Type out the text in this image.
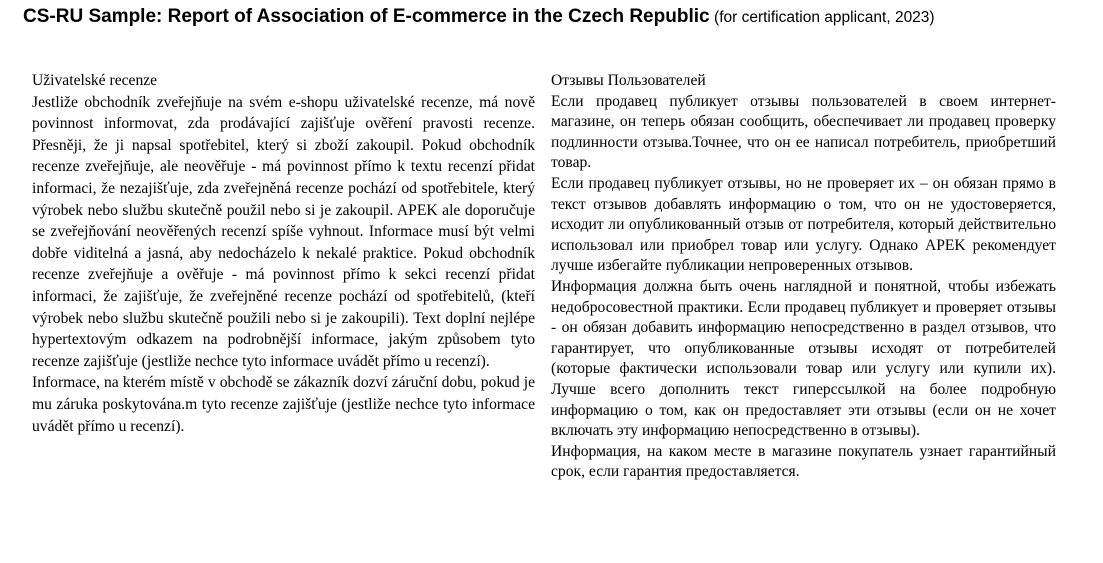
CS-RU Sample: Report of Association of E-commerce in the Czech Republic (for certification applicant, 2023)

Uživatelské recenze

Jestliže obchodník zveřejňuje na svém e-shopu uživatelské recenze, má nově povinnost informovat, zda prodávající zajišťuje ověření pravosti recenze. Přesněji, že ji napsal spotřebitel, který si zboží zakoupil. Pokud obchodník recenze zveřejňuje, ale neověřuje - má povinnost přímo k textu recenzí přidat informaci, že nezajišťuje, zda zveřejněná recenze pochází od spotřebitele, který výrobek nebo službu skutečně použil nebo si je zakoupil. APEK ale doporučuje se zveřejňování neověřených recenzí spíše vyhnout. Informace musí být velmi dobře viditelná a jasná, aby nedocházelo k nekalé praktice. Pokud obchodník recenze zveřejňuje a ověřuje - má povinnost přímo k sekci recenzí přidat informaci, že zajišťuje, že zveřejněné recenze pochází od spotřebitelů, (kteří výrobek nebo službu skutečně použili nebo si je zakoupili). Text doplní nejlépe hypertextovým odkazem na podrobnější informace, jakým způsobem tyto recenze zajišťuje (jestliže nechce tyto informace uvádět přímo u recenzí).

Informace, na kterém místě v obchodě se zákazník dozví záruční dobu, pokud je mu záruka poskytována.m tyto recenze zajišťuje (jestliže nechce tyto informace uvádět přímo u recenzí).

Отзывы Пользователей

Если продавец публикует отзывы пользователей в своем интернет-магазине, он теперь обязан сообщить, обеспечивает ли продавец проверку подлинности отзыва.Точнее, что он ее написал потребитель, приобретший товар.

Если продавец публикует отзывы, но не проверяет их – он обязан прямо в текст отзывов добавлять информацию о том, что он не удостоверяется, исходит ли опубликованный отзыв от потребителя, который действительно использовал или приобрел товар или услугу. Однако APEK рекомендует лучше избегайте публикации непроверенных отзывов.

Информация должна быть очень наглядной и понятной, чтобы избежать недобросовестной практики. Если продавец публикует и проверяет отзывы - он обязан добавить информацию непосредственно в раздел отзывов, что гарантирует, что опубликованные отзывы исходят от потребителей (которые фактически использовали товар или услугу или купили их). Лучше всего дополнить текст гиперссылкой на более подробную информацию о том, как он предоставляет эти отзывы (если он не хочет включать эту информацию непосредственно в отзывы).

Информация, на каком месте в магазине покупатель узнает гарантийный срок, если гарантия предоставляется.
